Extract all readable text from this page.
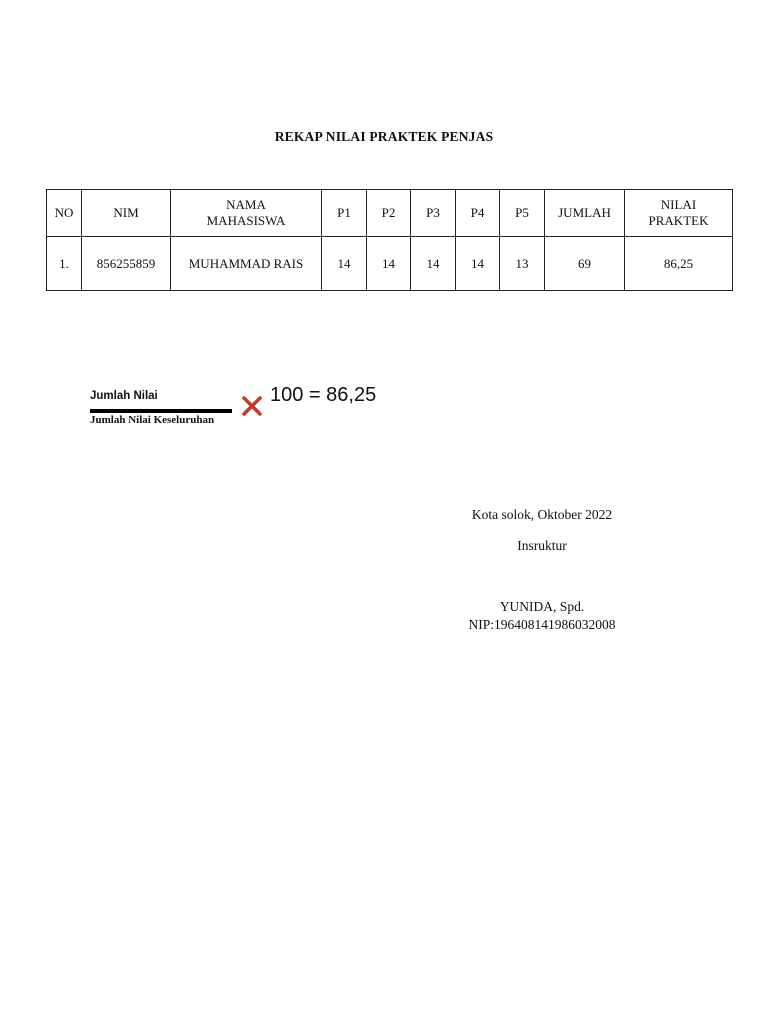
REKAP NILAI PRAKTEK PENJAS
NO	NIM	NAMA MAHASISWA	P1	P2	P3	P4	P5	JUMLAH	NILAI PRAKTEK
1.	856255859	MUHAMMAD RAIS	14	14	14	14	13	69	86,25
Jumlah Nilai
Jumlah Nilai Keseluruhan
100 = 86,25
Kota solok, Oktober 2022
Insruktur
YUNIDA, Spd.
NIP:196408141986032008
